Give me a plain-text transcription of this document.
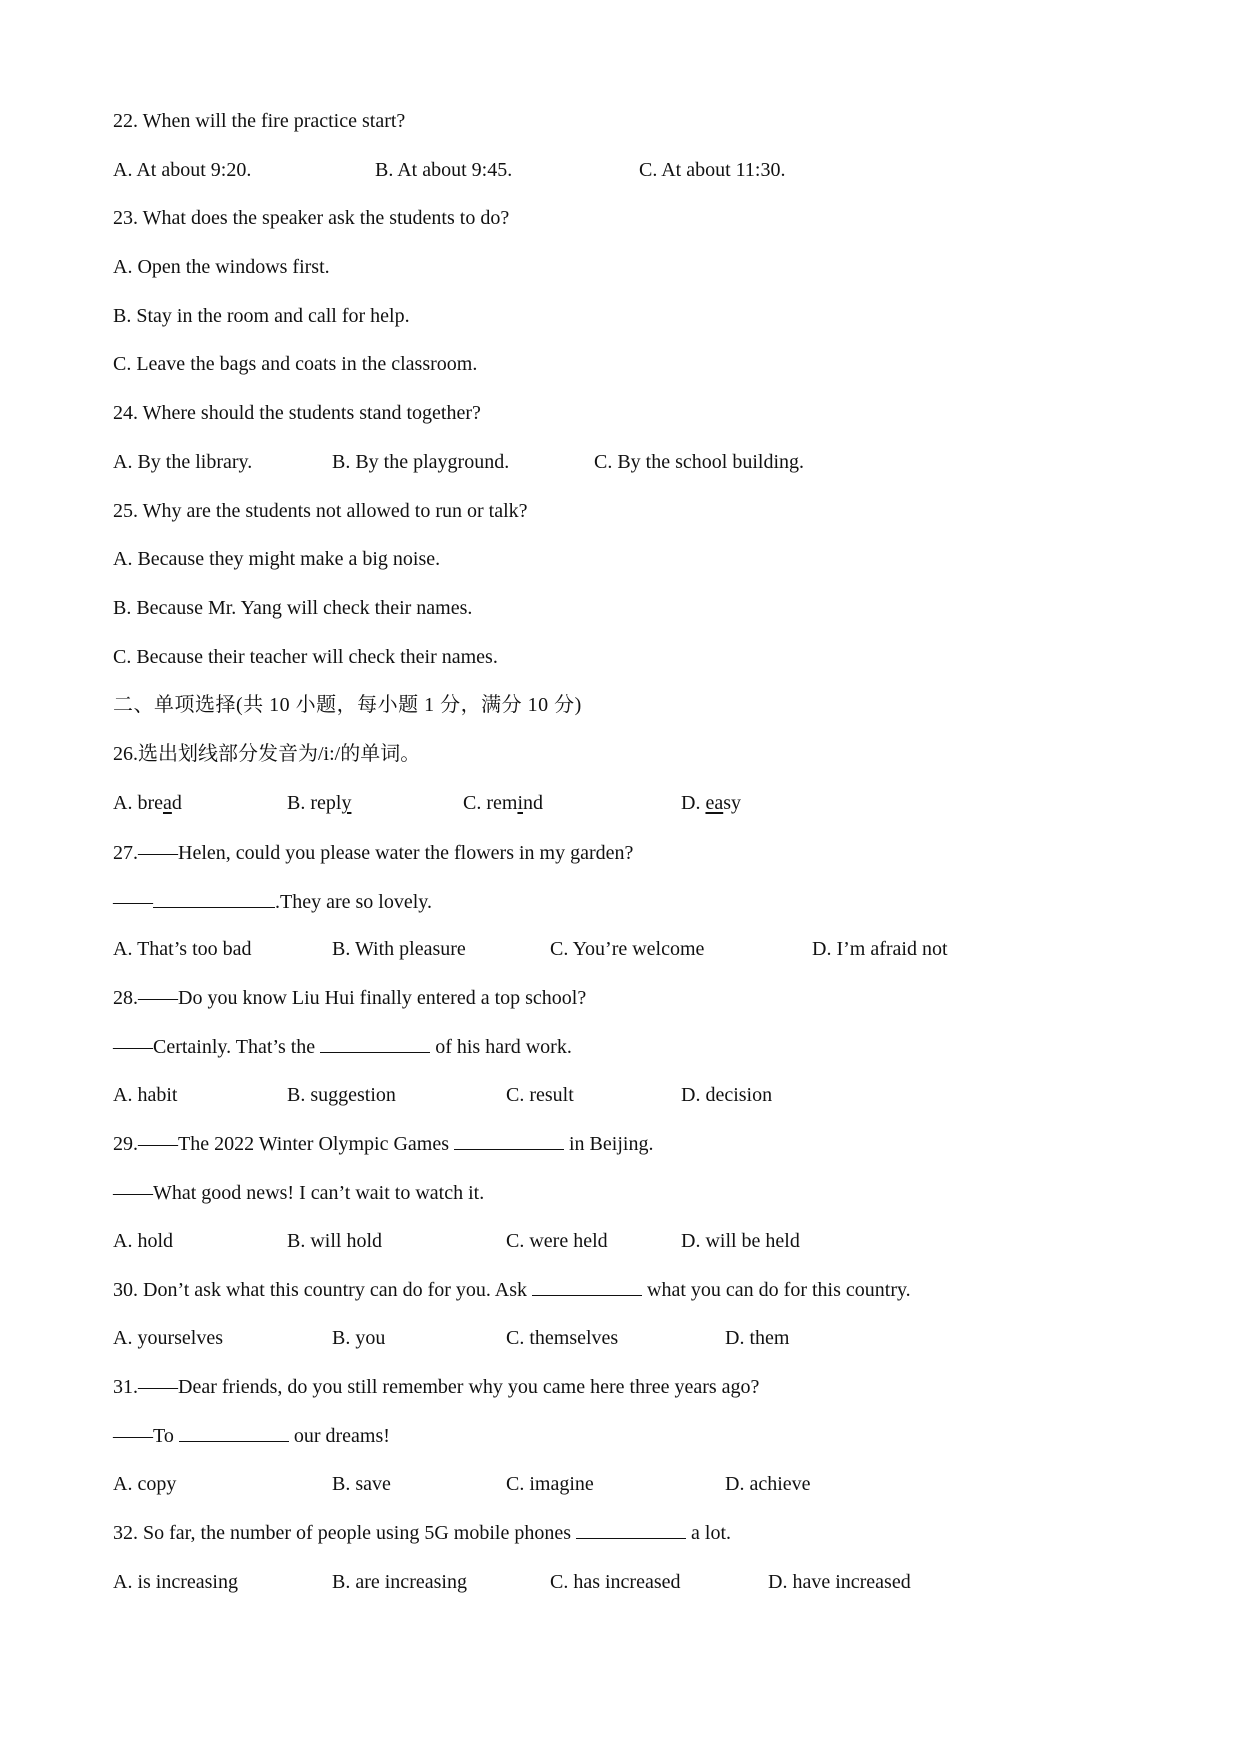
22. When will the fire practice start?
A. At about 9:20.	B. At about 9:45.	C. At about 11:30.
23. What does the speaker ask the students to do?
A. Open the windows first.
B. Stay in the room and call for help.
C. Leave the bags and coats in the classroom.
24. Where should the students stand together?
A. By the library.	B. By the playground.	C. By the school building.
25. Why are the students not allowed to run or talk?
A. Because they might make a big noise.
B. Because Mr. Yang will check their names.
C. Because their teacher will check their names.
二、单项选择(共 10 小题，每小题 1 分，满分 10 分)
26.选出划线部分发音为/i:/的单词。
A. bread	B. reply	C. remind	D. easy
27.——Helen, could you please water the flowers in my garden?
——	.They are so lovely.
A. That’s too bad	B. With pleasure	C. You’re welcome	D. I’m afraid not
28.——Do you know Liu Hui finally entered a top school?
——Certainly. That’s the	of his hard work.
A. habit	B. suggestion	C. result	D. decision
29.——The 2022 Winter Olympic Games	in Beijing.
——What good news! I can’t wait to watch it.
A. hold	B. will hold	C. were held	D. will be held
30. Don’t ask what this country can do for you. Ask	what you can do for this country.
A. yourselves	B. you	C. themselves	D. them
31.——Dear friends, do you still remember why you came here three years ago?
——To	our dreams!
A. copy	B. save	C. imagine	D. achieve
32. So far, the number of people using 5G mobile phones	a lot.
A. is increasing	B. are increasing	C. has increased	D. have increased
